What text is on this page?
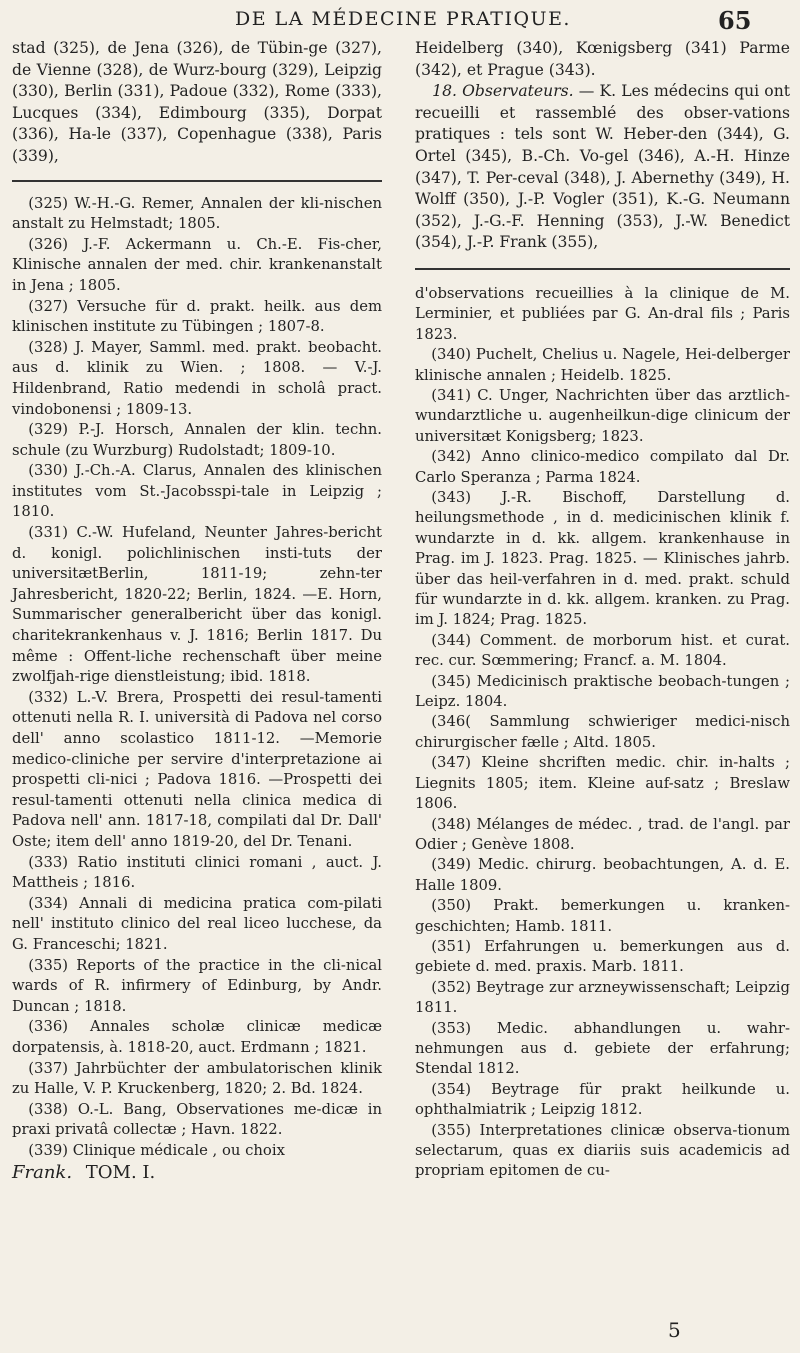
DE LA MÉDECINE PRATIQUE.	65

stad (325), de Jena (326), de Tübin-ge (327), de Vienne (328), de Wurz-bourg (329), Leipzig (330), Berlin (331), Padoue (332), Rome (333), Lucques (334), Edimbourg (335), Dorpat (336), Ha-le (337), Copenhague (338), Paris (339),

(325) W.-H.-G. Remer, Annalen der kli-nischen anstalt zu Helmstadt; 1805.

(326) J.-F. Ackermann u. Ch.-E. Fis-cher, Klinische annalen der med. chir. krankenanstalt in Jena ; 1805.

(327) Versuche für d. prakt. heilk. aus dem klinischen institute zu Tübingen ; 1807-8.

(328) J. Mayer, Samml. med. prakt. beobacht. aus d. klinik zu Wien. ; 1808. — V.-J. Hildenbrand, Ratio medendi in scholâ pract. vindobonensi ; 1809-13.

(329) P.-J. Horsch, Annalen der klin. techn. schule (zu Wurzburg) Rudolstadt; 1809-10.

(330) J.-Ch.-A. Clarus, Annalen des klinischen institutes vom St.-Jacobsspi-tale in Leipzig ; 1810.

(331) C.-W. Hufeland, Neunter Jahres-bericht d. konigl. polichlinischen insti-tuts der universitætBerlin, 1811-19; zehn-ter Jahresbericht, 1820-22; Berlin, 1824. —E. Horn, Summarischer generalbericht über das konigl. charitekrankenhaus v. J. 1816; Berlin 1817. Du même : Offent-liche rechenschaft über meine zwolfjah-rige dienstleistung; ibid. 1818.

(332) L.-V. Brera, Prospetti dei resul-tamenti ottenuti nella R. I. università di Padova nel corso dell' anno scolastico 1811-12. —Memorie medico-cliniche per servire d'interpretazione ai prospetti cli-nici ; Padova 1816. —Prospetti dei resul-tamenti ottenuti nella clinica medica di Padova nell' ann. 1817-18, compilati dal Dr. Dall' Oste; item dell' anno 1819-20, del Dr. Tenani.

(333) Ratio instituti clinici romani , auct. J. Mattheis ; 1816.

(334) Annali di medicina pratica com-pilati nell' instituto clinico del real liceo lucchese, da G. Franceschi; 1821.

(335) Reports of the practice in the cli-nical wards of R. infirmery of Edinburg, by Andr. Duncan ; 1818.

(336) Annales scholæ clinicæ medicæ dorpatensis, à. 1818-20, auct. Erdmann ; 1821.

(337) Jahrbüchter der ambulatorischen klinik zu Halle, V. P. Kruckenberg, 1820; 2. Bd. 1824.

(338) O.-L. Bang, Observationes me-dicæ in praxi privatâ collectæ ; Havn. 1822.

(339) Clinique médicale , ou choix

Frank. TOM. I.

Heidelberg (340), Kœnigsberg (341) Parme (342), et Prague (343).

18. Observateurs. — K. Les médecins qui ont recueilli et rassemblé des obser-vations pratiques : tels sont W. Heber-den (344), G. Ortel (345), B.-Ch. Vo-gel (346), A.-H. Hinze (347), T. Per-ceval (348), J. Abernethy (349), H. Wolff (350), J.-P. Vogler (351), K.-G. Neumann (352), J.-G.-F. Henning (353), J.-W. Benedict (354), J.-P. Frank (355),

d'observations recueillies à la clinique de M. Lerminier, et publiées par G. An-dral fils ; Paris 1823.

(340) Puchelt, Chelius u. Nagele, Hei-delberger klinische annalen ; Heidelb. 1825.

(341) C. Unger, Nachrichten über das arztlich-wundarztliche u. augenheilkun-dige clinicum der universitæt Konigsberg; 1823.

(342) Anno clinico-medico compilato dal Dr. Carlo Speranza ; Parma 1824.

(343) J.-R. Bischoff, Darstellung d. heilungsmethode , in d. medicinischen klinik f. wundarzte in d. kk. allgem. krankenhause in Prag. im J. 1823. Prag. 1825. — Klinisches jahrb. über das heil-verfahren in d. med. prakt. schuld für wundarzte in d. kk. allgem. kranken. zu Prag. im J. 1824; Prag. 1825.

(344) Comment. de morborum hist. et curat. rec. cur. Sœmmering; Francf. a. M. 1804.

(345) Medicinisch praktische beobach-tungen ; Leipz. 1804.

(346( Sammlung schwieriger medici-nisch chirurgischer fælle ; Altd. 1805.

(347) Kleine shcriften medic. chir. in-halts ; Liegnits 1805; item. Kleine auf-satz ; Breslaw 1806.

(348) Mélanges de médec. , trad. de l'angl. par Odier ; Genève 1808.

(349) Medic. chirurg. beobachtungen, A. d. E. Halle 1809.

(350) Prakt. bemerkungen u. kranken-geschichten; Hamb. 1811.

(351) Erfahrungen u. bemerkungen aus d. gebiete d. med. praxis. Marb. 1811.

(352) Beytrage zur arzneywissenschaft; Leipzig 1811.

(353) Medic. abhandlungen u. wahr-nehmungen aus d. gebiete der erfahrung; Stendal 1812.

(354) Beytrage für prakt heilkunde u. ophthalmiatrik ; Leipzig 1812.

(355) Interpretationes clinicæ observa-tionum selectarum, quas ex diariis suis academicis ad propriam epitomen de cu-

5
